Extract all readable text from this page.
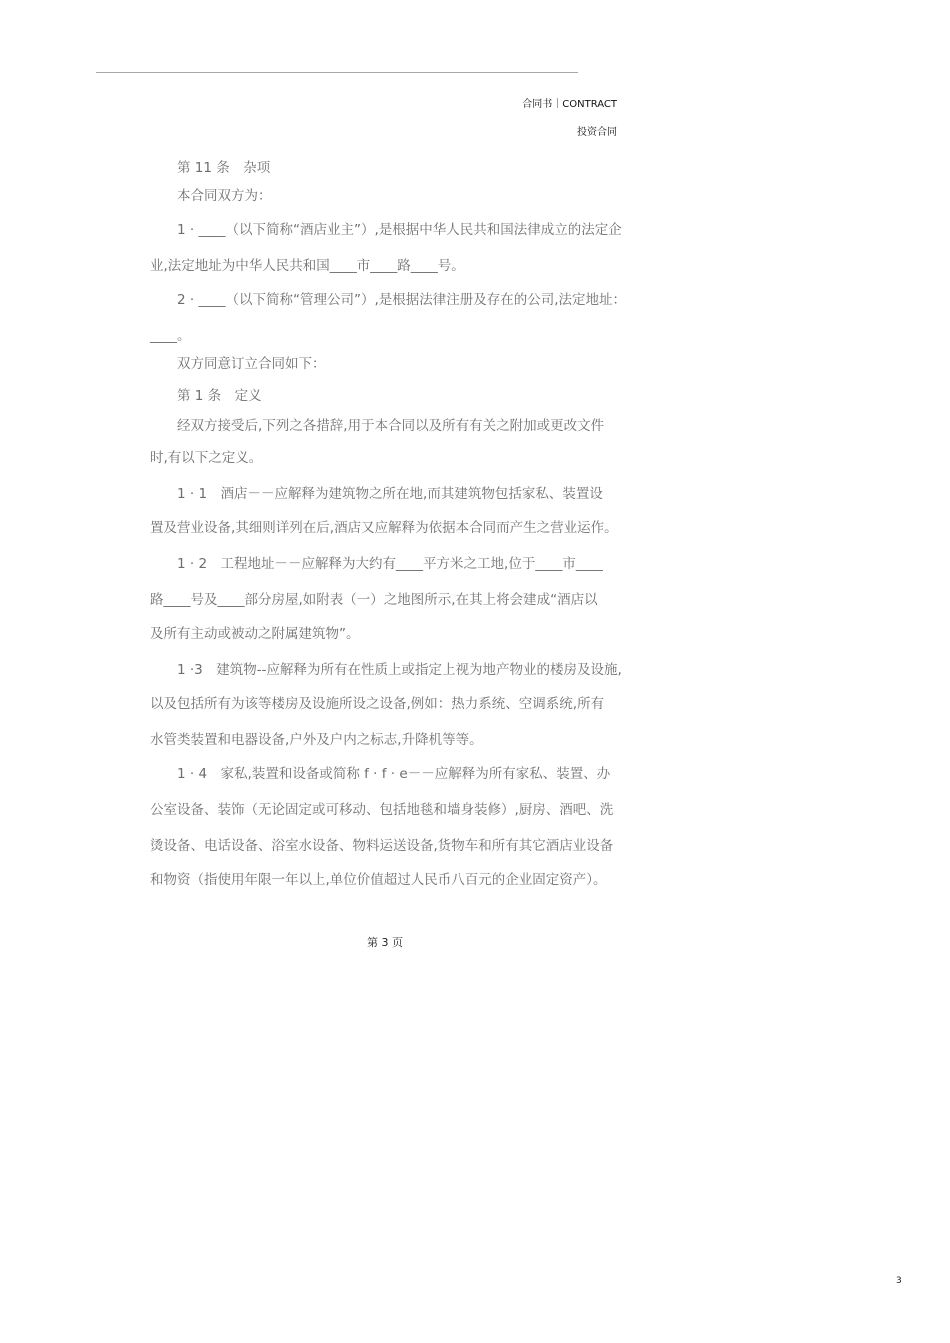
合同书｜CONTRACT
投资合同
第 11 条　杂项
本合同双方为：
1 · ____（以下简称“酒店业主”）,是根据中华人民共和国法律成立的法定企
业,法定地址为中华人民共和国____市____路____号。
2 · ____（以下简称“管理公司”）,是根据法律注册及存在的公司,法定地址：
____。
双方同意订立合同如下：
第 1 条　定义
经双方接受后,下列之各措辞,用于本合同以及所有有关之附加或更改文件
时,有以下之定义。
1 · 1　酒店－－应解释为建筑物之所在地,而其建筑物包括家私、装置设
置及营业设备,其细则详列在后,酒店又应解释为依据本合同而产生之营业运作。
1 · 2　工程地址－－应解释为大约有____平方米之工地,位于____市____
路____号及____部分房屋,如附表（一）之地图所示,在其上将会建成“酒店以
及所有主动或被动之附属建筑物”。
1 ·3　建筑物--应解释为所有在性质上或指定上视为地产物业的楼房及设施,
以及包括所有为该等楼房及设施所设之设备,例如：热力系统、空调系统,所有
水管类装置和电器设备,户外及户内之标志,升降机等等。
1 · 4　家私,装置和设备或简称 f · f · e－－应解释为所有家私、装置、办
公室设备、装饰（无论固定或可移动、包括地毯和墙身装修）,厨房、酒吧、洗
烫设备、电话设备、浴室水设备、物料运送设备,货物车和所有其它酒店业设备
和物资（指使用年限一年以上,单位价值超过人民币八百元的企业固定资产）。
第 3 页
3
